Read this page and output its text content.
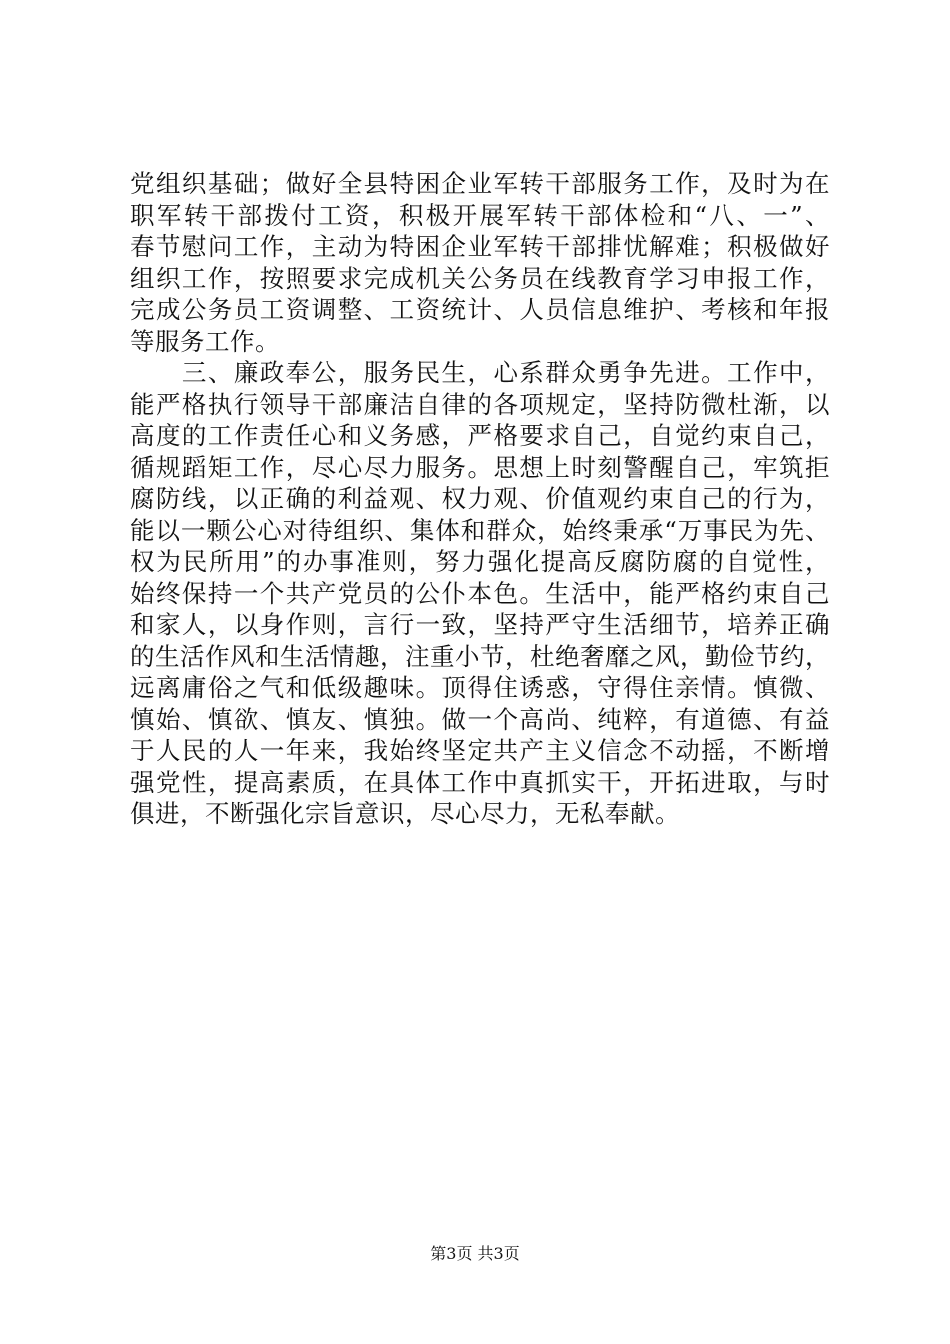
党组织基础；做好全县特困企业军转干部服务工作，及时为在
职军转干部拨付工资，积极开展军转干部体检和“八、一”、
春节慰问工作，主动为特困企业军转干部排忧解难；积极做好
组织工作，按照要求完成机关公务员在线教育学习申报工作，
完成公务员工资调整、工资统计、人员信息维护、考核和年报
等服务工作。
　　三、廉政奉公，服务民生，心系群众勇争先进。工作中，
能严格执行领导干部廉洁自律的各项规定，坚持防微杜渐，以
高度的工作责任心和义务感，严格要求自己，自觉约束自己，
循规蹈矩工作，尽心尽力服务。思想上时刻警醒自己，牢筑拒
腐防线，以正确的利益观、权力观、价值观约束自己的行为，
能以一颗公心对待组织、集体和群众，始终秉承“万事民为先、
权为民所用”的办事准则，努力强化提高反腐防腐的自觉性，
始终保持一个共产党员的公仆本色。生活中，能严格约束自己
和家人，以身作则，言行一致，坚持严守生活细节，培养正确
的生活作风和生活情趣，注重小节，杜绝奢靡之风，勤俭节约，
远离庸俗之气和低级趣味。顶得住诱惑，守得住亲情。慎微、
慎始、慎欲、慎友、慎独。做一个高尚、纯粹，有道德、有益
于人民的人一年来，我始终坚定共产主义信念不动摇，不断增
强党性，提高素质，在具体工作中真抓实干，开拓进取，与时
俱进，不断强化宗旨意识，尽心尽力，无私奉献。
第3页 共3页
